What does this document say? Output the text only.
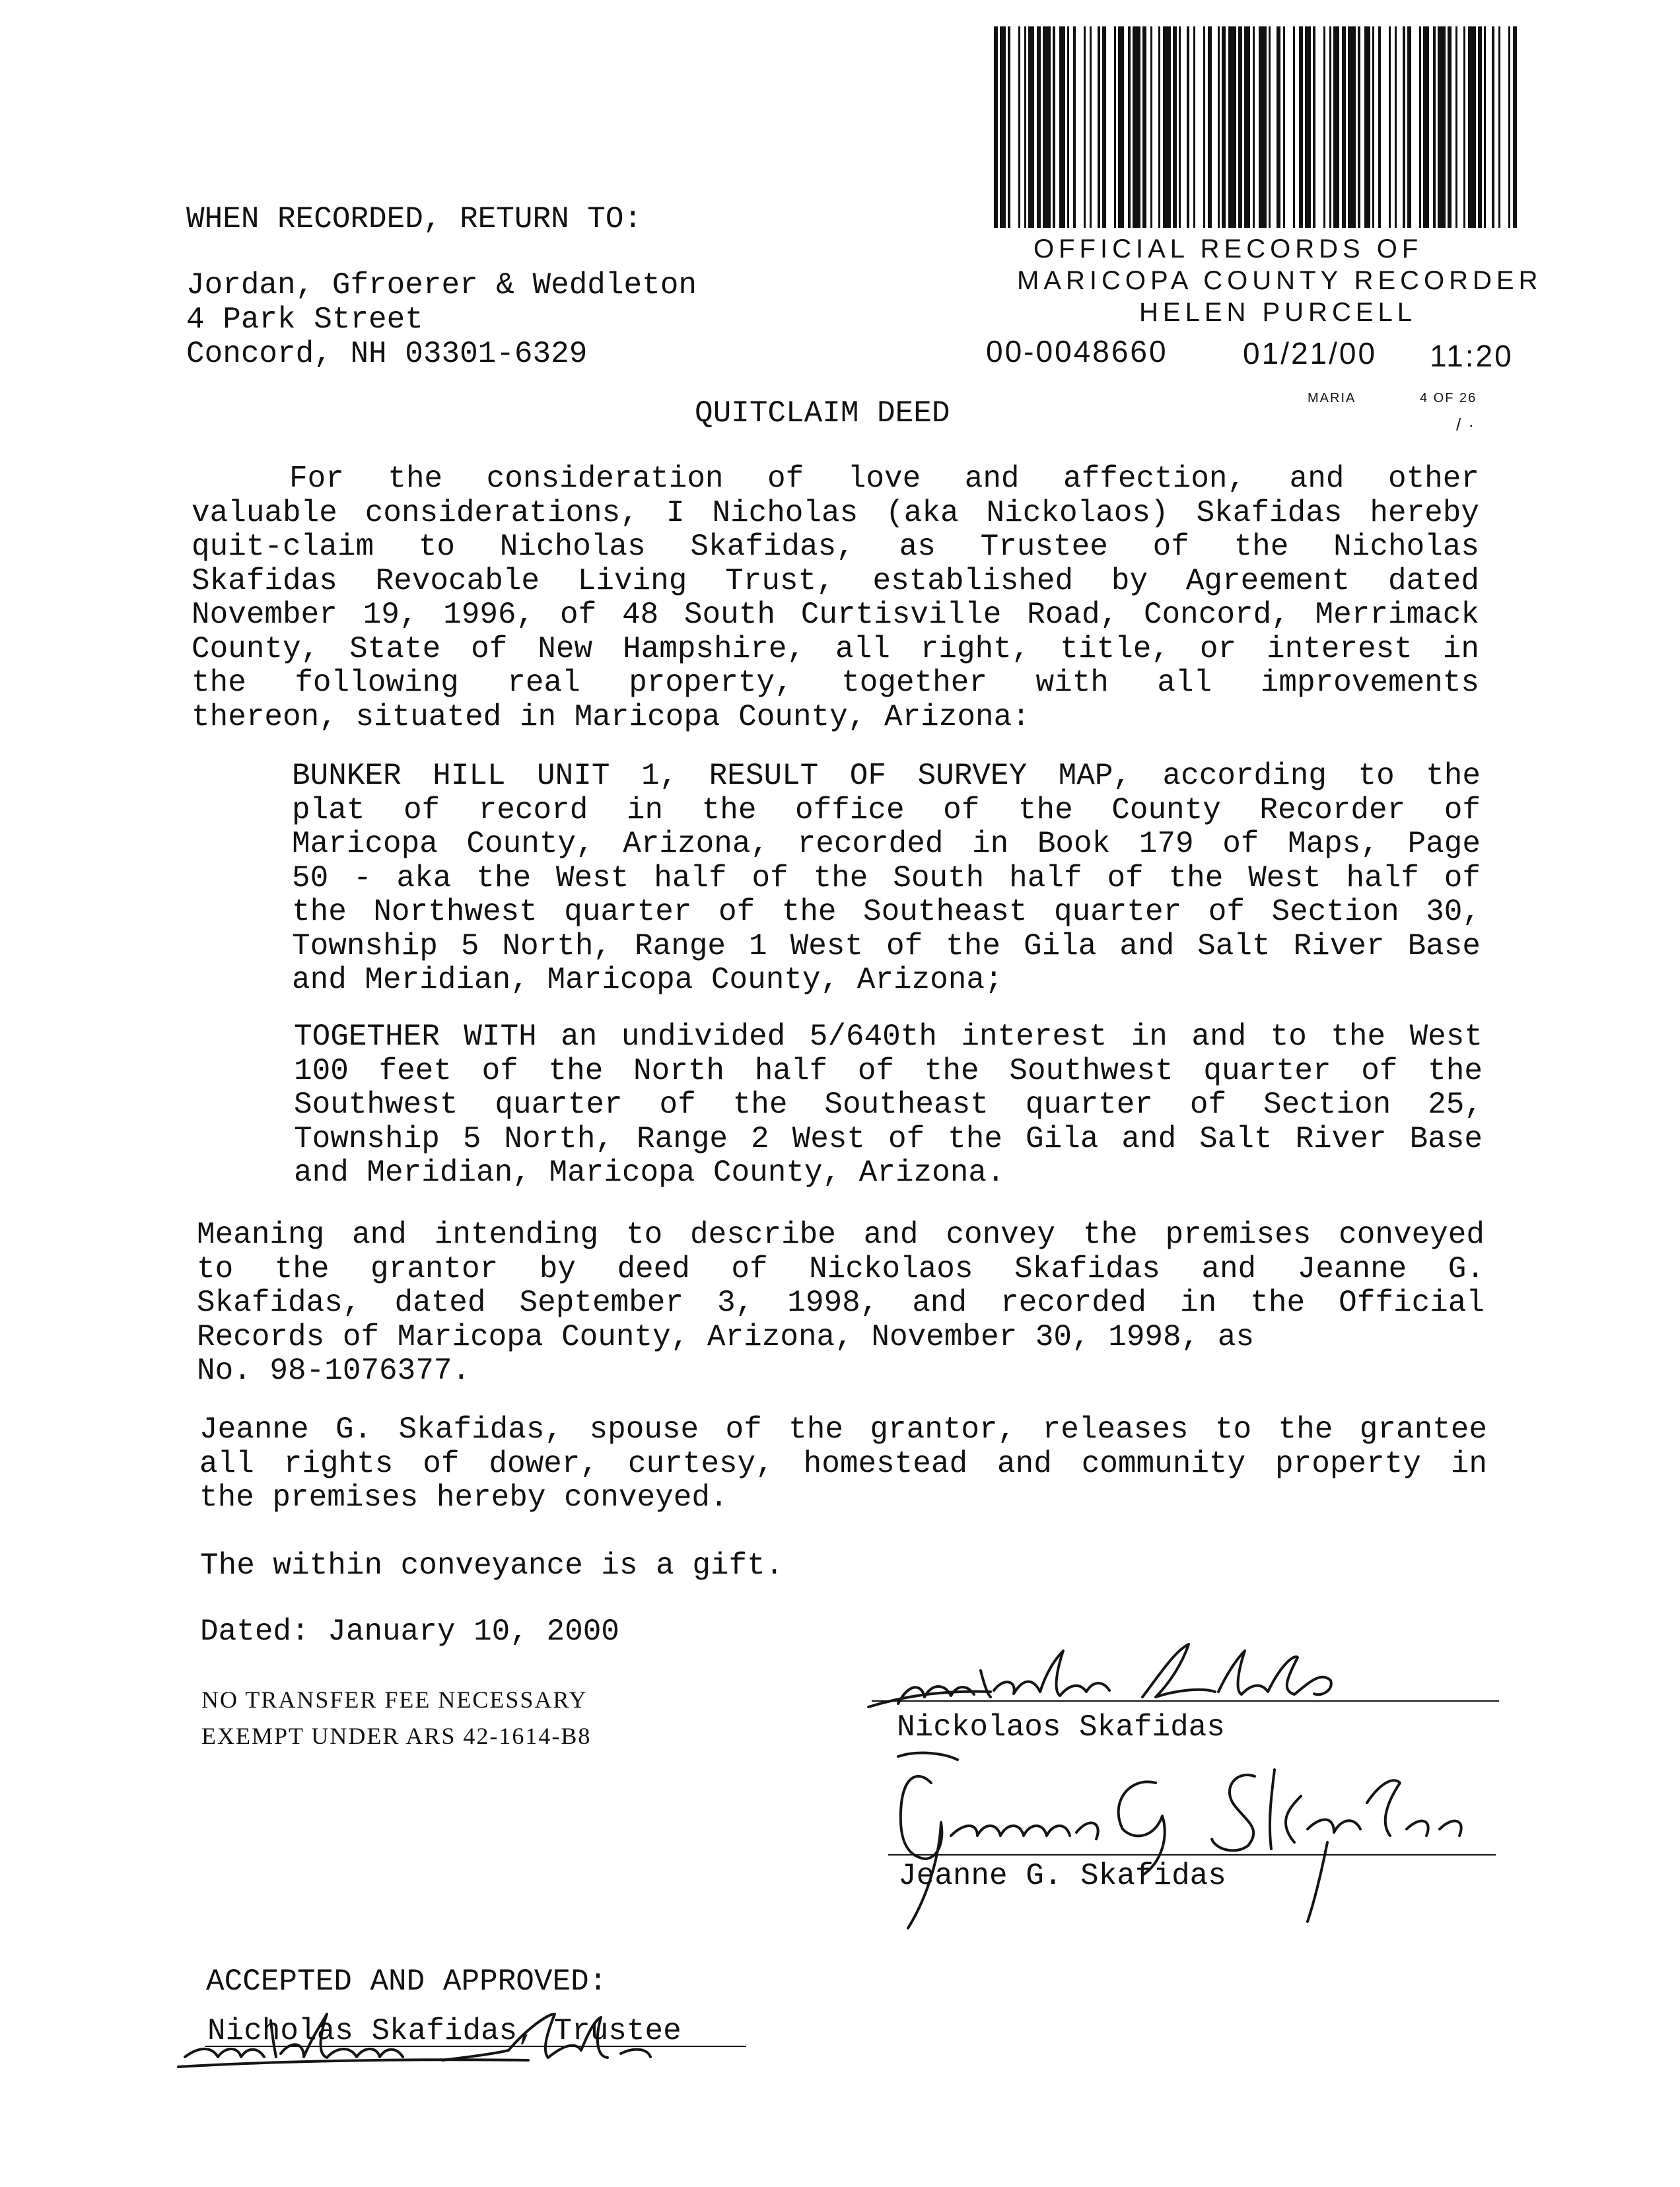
OFFICIAL RECORDS OF
MARICOPA COUNTY RECORDER
HELEN PURCELL
00-0048660 01/21/00 11:20
MARIA	4 OF 26
/ ·
WHEN RECORDED, RETURN TO:
Jordan, Gfroerer & Weddleton
4 Park Street
Concord, NH 03301-6329
QUITCLAIM DEED
For the consideration of love and affection, and other
valuable considerations, I Nicholas (aka Nickolaos) Skafidas hereby
quit-claim to Nicholas Skafidas, as Trustee of the Nicholas
Skafidas Revocable Living Trust, established by Agreement dated
November 19, 1996, of 48 South Curtisville Road, Concord, Merrimack
County, State of New Hampshire, all right, title, or interest in
the following real property, together with all improvements
thereon, situated in Maricopa County, Arizona:
BUNKER HILL UNIT 1, RESULT OF SURVEY MAP, according to the
plat of record in the office of the County Recorder of
Maricopa County, Arizona, recorded in Book 179 of Maps, Page
50 - aka the West half of the South half of the West half of
the Northwest quarter of the Southeast quarter of Section 30,
Township 5 North, Range 1 West of the Gila and Salt River Base
and Meridian, Maricopa County, Arizona;
TOGETHER WITH an undivided 5/640th interest in and to the West
100 feet of the North half of the Southwest quarter of the
Southwest quarter of the Southeast quarter of Section 25,
Township 5 North, Range 2 West of the Gila and Salt River Base
and Meridian, Maricopa County, Arizona.
Meaning and intending to describe and convey the premises conveyed
to the grantor by deed of Nickolaos Skafidas and Jeanne G.
Skafidas, dated September 3, 1998, and recorded in the Official
Records of Maricopa County, Arizona, November 30, 1998, as
No. 98-1076377.
Jeanne G. Skafidas, spouse of the grantor, releases to the grantee
all rights of dower, curtesy, homestead and community property in
the premises hereby conveyed.
The within conveyance is a gift.
Dated: January 10, 2000
NO TRANSFER FEE NECESSARY
EXEMPT UNDER ARS 42-1614-B8	Nickolaos Skafidas
Jeanne G. Skafidas
ACCEPTED AND APPROVED:
Nicholas Skafidas, Trustee
